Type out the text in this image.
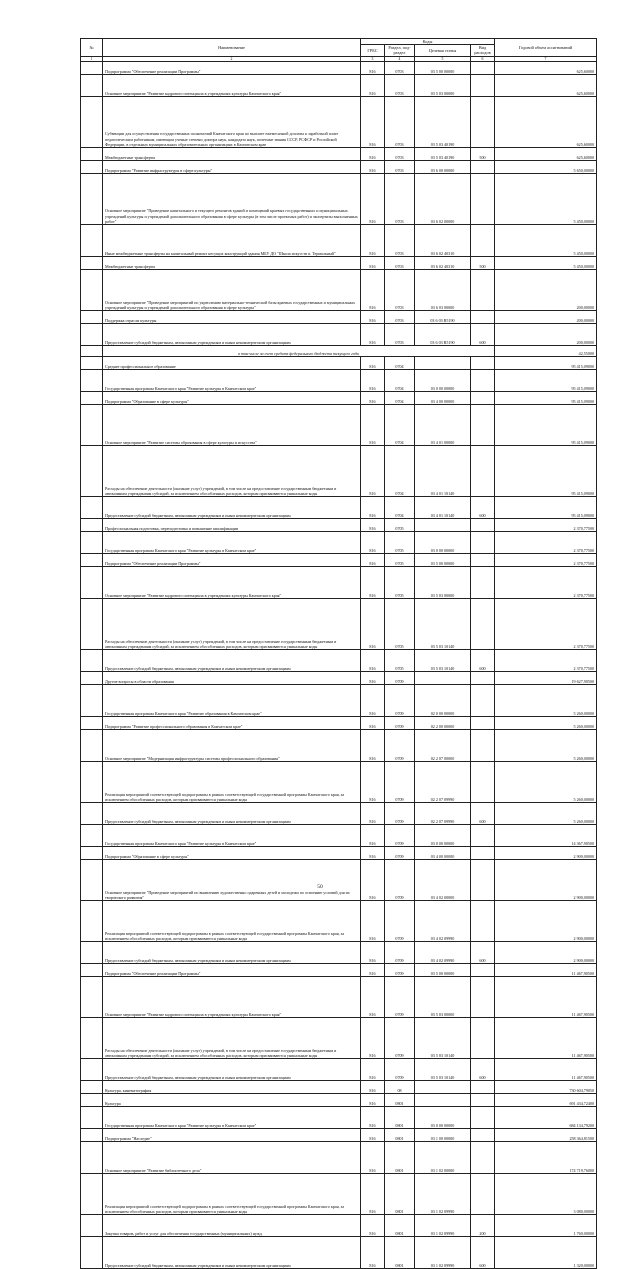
№	Наименование	Коды				Годовой объем ассигнований
		ГРБС	Раздел, под-раздел	Целевая статья	Вид расходов	
1	2	3	4	5	6	7
	Подпрограмма "Обеспечение реализации Программы"	816	0703	03 5 00 00000		625,60000
	Основное мероприятие "Развитие кадрового потенциала в учреждениях культуры Камчатского края"	816	0703	03 5 03 00000		625,60000
	Субвенции для осуществления государственных полномочий Камчатского края по выплате ежемесячной доплаты к заработной плате педагогическим работникам, имеющим ученые степени доктора наук, кандидата наук, почетные звания СССР, РСФСР и Российской Федерации, в отдельных муниципальных образовательных организациях в Камчатском крае	816	0703	03 5 03 40190		625,60000
	Межбюджетные трансферты	816	0703	03 5 03 40190	500	625,60000
	Подпрограмма "Развитие инфраструктуры в сфере культуры"	816	0703	03 6 00 00000		5 650,00000
	Основное мероприятие "Проведение капитального и текущего ремонтов зданий и помещений краевых государственных и муниципальных учреждений культуры и учреждений дополнительного образования в сфере культуры (в том числе проектных работ) и экспертизы выполненных работ"	816	0703	03 6 02 00000		5 450,00000
	Иные межбюджетные трансферты на капитальный ремонт несущих конструкций здания МБУ ДО "Школа искусств п. Термальный"	816	0703	03 6 02 40310		5 450,00000
	Межбюджетные трансферты	816	0703	03 6 02 40310	500	5 450,00000
	Основное мероприятие "Проведение мероприятий по укреплению материально-технической базы краевых государственных и муниципальных учреждений культуры и учреждений дополнительного образования в сфере культуры"	816	0703	03 6 03 00000		200,00000
	Поддержка отрасли культуры	816	0703	03 6 03 R5190		200,00000
	Предоставление субсидий бюджетным, автономным учреждениям и иным некоммерческим организациям	816	0703	03 6 03 R5190	600	200,00000
	в том числе за счет средств федерального бюджета текущего года					42,55000
	Среднее профессиональное образование	816	0704			95 415,09000
	Государственная программа Камчатского края "Развитие культуры в Камчатском крае"	816	0704	03 0 00 00000		95 415,09000
	Подпрограмма "Образование в сфере культуры"	816	0704	03 4 00 00000		95 415,09000
	Основное мероприятие "Развитие системы образования в сфере культуры и искусства"	816	0704	03 4 01 00000		95 415,09000
	Расходы на обеспечение деятельности (оказание услуг) учреждений, в том числе на предоставление государственным бюджетным и автономным учреждениям субсидий, за исключением обособленных расходов, которым присваиваются уникальные коды	816	0704	03 4 01 10140		95 415,09000
	Предоставление субсидий бюджетным, автономным учреждениям и иным некоммерческим организациям	816	0704	03 4 01 10140	600	95 415,09000
	Профессиональная подготовка, переподготовка и повышение квалификации	816	0705			2 370,77500
	Государственная программа Камчатского края "Развитие культуры в Камчатском крае"	816	0705	03 0 00 00000		2 370,77500
	Подпрограмма "Обеспечение реализации Программы"	816	0705	03 5 00 00000		2 370,77500
	Основное мероприятие "Развитие кадрового потенциала в учреждениях культуры Камчатского края"	816	0705	03 5 03 00000		2 370,77500
	Расходы на обеспечение деятельности (оказание услуг) учреждений, в том числе на предоставление государственным бюджетным и автономным учреждениям субсидий, за исключением обособленных расходов, которым присваиваются уникальные коды	816	0705	03 5 03 10140		2 370,77500
	Предоставление субсидий бюджетным, автономным учреждениям и иным некоммерческим организациям	816	0705	03 5 03 10140	600	2 370,77500
	Другие вопросы в области образования	816	0709			19 627,90500
	Государственная программа Камчатского края "Развитие образования в Камчатском крае"	816	0709	02 0 00 00000		5 260,00000
	Подпрограмма "Развитие профессионального образования в Камчатском крае"	816	0709	02 2 00 00000		5 260,00000
	Основное мероприятие "Модернизация инфраструктуры системы профессионального образования"	816	0709	02 2 07 00000		5 260,00000
	Реализация мероприятий соответствующей подпрограммы в рамках соответствующей государственной программы Камчатского края, за исключением обособленных расходов, которым присваиваются уникальные коды	816	0709	02 2 07 09990		5 260,00000
	Предоставление субсидий бюджетным, автономным учреждениям и иным некоммерческим организациям	816	0709	02 2 07 09990	600	5 260,00000
	Государственная программа Камчатского края "Развитие культуры в Камчатском крае"	816	0709	03 0 00 00000		14 367,90500
	Подпрограмма "Образование в сфере культуры"	816	0709	03 4 00 00000		2 900,00000
	Основное мероприятие "Проведение мероприятий по выявлению художественно одаренных детей и молодежи по освоению условий для их творческого развития"	816	0709	03 4 02 00000		2 900,00000
	Реализация мероприятий соответствующей подпрограммы в рамках соответствующей государственной программы Камчатского края, за исключением обособленных расходов, которым присваиваются уникальные коды	816	0709	03 4 02 09990		2 900,00000
	Предоставление субсидий бюджетным, автономным учреждениям и иным некоммерческим организациям	816	0709	03 4 02 09990	600	2 900,00000
	Подпрограмма "Обеспечение реализации Программы"	816	0709	03 5 00 00000		11 467,90500
	Основное мероприятие "Развитие кадрового потенциала в учреждениях культуры Камчатского края"	816	0709	03 5 03 00000		11 467,90500
	Расходы на обеспечение деятельности (оказание услуг) учреждений, в том числе на предоставление государственным бюджетным и автономным учреждениям субсидий, за исключением обособленных расходов, которым присваиваются уникальные коды	816	0709	03 5 03 10140		11 467,90500
	Предоставление субсидий бюджетным, автономным учреждениям и иным некоммерческим организациям	816	0709	03 5 03 10140	600	11 467,90500
	Культура, кинематография	816	08			730 604,79050
	Культура	816	0801			691 434,72400
	Государственная программа Камчатского края "Развитие культуры в Камчатском крае"	816	0801	03 0 00 00000		684 134,79200
	Подпрограмма "Наследие"	816	0801	03 1 00 00000		258 364,81500
	Основное мероприятие "Развитие библиотечного дела"	816	0801	03 1 02 00000		174 719,76000
	Реализация мероприятий соответствующей подпрограммы в рамках соответствующей государственной программы Камчатского края, за исключением обособленных расходов, которым присваиваются уникальные коды	816	0801	03 1 02 09990		3 080,00000
	Закупка товаров, работ и услуг для обеспечения государственных (муниципальных) нужд	816	0801	03 1 02 09990	200	1 760,00000
	Предоставление субсидий бюджетным, автономным учреждениям и иным некоммерческим организациям	816	0801	03 1 02 09990	600	1 320,00000
50
